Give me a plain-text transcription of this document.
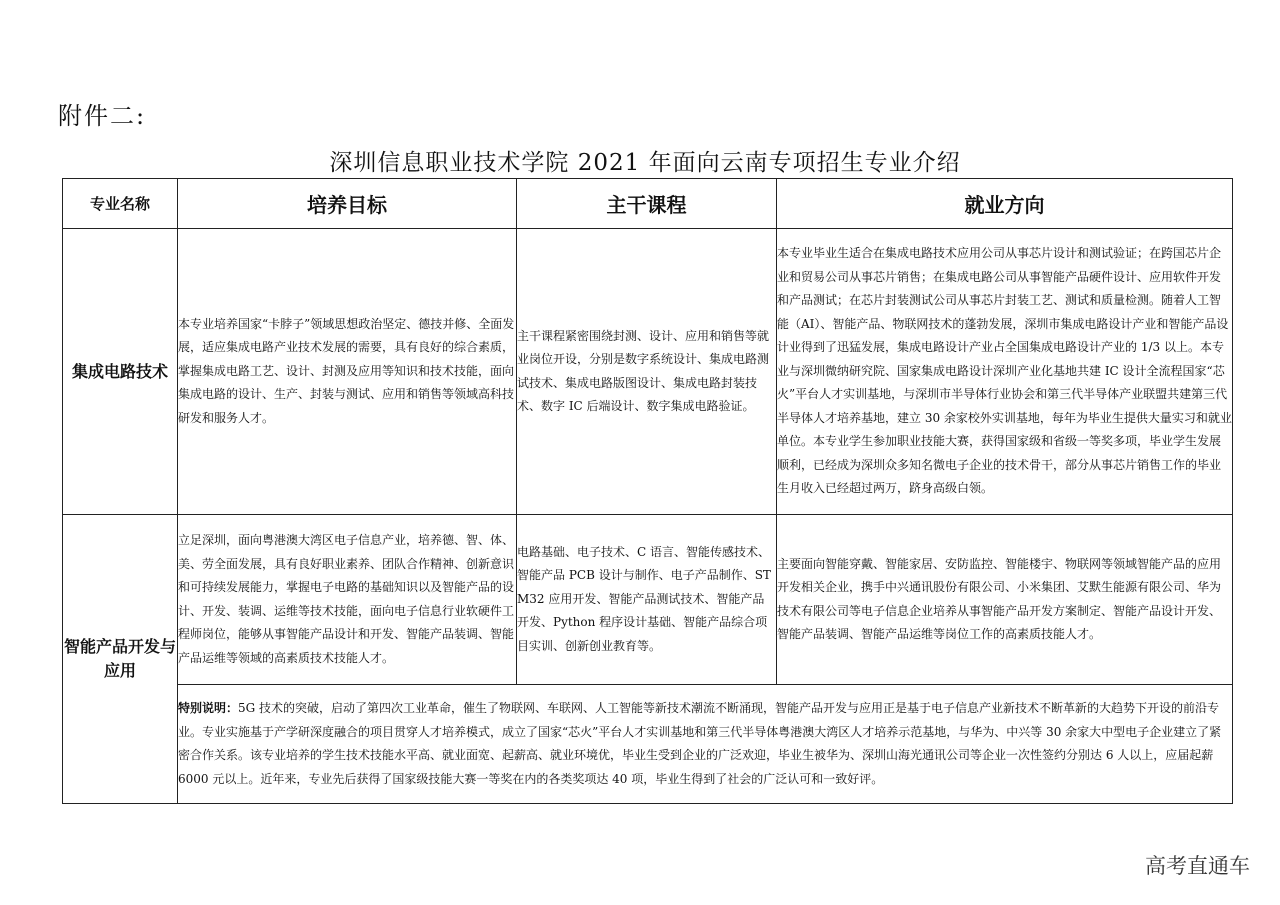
附件二:
深圳信息职业技术学院 2021 年面向云南专项招生专业介绍
专业名称	培养目标	主干课程	就业方向
集成电路技术	本专业培养国家“卡脖子”领域思想政治坚定、德技并修、全面发展，适应集成电路产业技术发展的需要，具有良好的综合素质，掌握集成电路工艺、设计、封测及应用等知识和技术技能，面向集成电路的设计、生产、封装与测试、应用和销售等领域高科技研发和服务人才。	主干课程紧密围绕封测、设计、应用和销售等就业岗位开设，分别是数字系统设计、集成电路测试技术、集成电路版图设计、集成电路封装技术、数字 IC 后端设计、数字集成电路验证。	本专业毕业生适合在集成电路技术应用公司从事芯片设计和测试验证；在跨国芯片企业和贸易公司从事芯片销售；在集成电路公司从事智能产品硬件设计、应用软件开发和产品测试；在芯片封装测试公司从事芯片封装工艺、测试和质量检测。随着人工智能（AI）、智能产品、物联网技术的蓬勃发展，深圳市集成电路设计产业和智能产品设计业得到了迅猛发展，集成电路设计产业占全国集成电路设计产业的 1/3 以上。本专业与深圳微纳研究院、国家集成电路设计深圳产业化基地共建 IC 设计全流程国家“芯火”平台人才实训基地，与深圳市半导体行业协会和第三代半导体产业联盟共建第三代半导体人才培养基地，建立 30 余家校外实训基地，每年为毕业生提供大量实习和就业单位。本专业学生参加职业技能大赛，获得国家级和省级一等奖多项，毕业学生发展顺利，已经成为深圳众多知名微电子企业的技术骨干，部分从事芯片销售工作的毕业生月收入已经超过两万，跻身高级白领。
智能产品开发与应用	立足深圳，面向粤港澳大湾区电子信息产业，培养德、智、体、美、劳全面发展，具有良好职业素养、团队合作精神、创新意识和可持续发展能力，掌握电子电路的基础知识以及智能产品的设计、开发、装调、运维等技术技能，面向电子信息行业软硬件工程师岗位，能够从事智能产品设计和开发、智能产品装调、智能产品运维等领域的高素质技术技能人才。	电路基础、电子技术、C 语言、智能传感技术、智能产品 PCB 设计与制作、电子产品制作、STM32 应用开发、智能产品测试技术、智能产品开发、Python 程序设计基础、智能产品综合项目实训、创新创业教育等。	主要面向智能穿戴、智能家居、安防监控、智能楼宇、物联网等领域智能产品的应用开发相关企业，携手中兴通讯股份有限公司、小米集团、艾默生能源有限公司、华为技术有限公司等电子信息企业培养从事智能产品开发方案制定、智能产品设计开发、智能产品装调、智能产品运维等岗位工作的高素质技能人才。
	特别说明：5G 技术的突破，启动了第四次工业革命，催生了物联网、车联网、人工智能等新技术潮流不断涌现，智能产品开发与应用正是基于电子信息产业新技术不断革新的大趋势下开设的前沿专业。专业实施基于产学研深度融合的项目贯穿人才培养模式，成立了国家“芯火”平台人才实训基地和第三代半导体粤港澳大湾区人才培养示范基地，与华为、中兴等 30 余家大中型电子企业建立了紧密合作关系。该专业培养的学生技术技能水平高、就业面宽、起薪高、就业环境优，毕业生受到企业的广泛欢迎，毕业生被华为、深圳山海光通讯公司等企业一次性签约分别达 6 人以上，应届起薪 6000 元以上。近年来，专业先后获得了国家级技能大赛一等奖在内的各类奖项达 40 项，毕业生得到了社会的广泛认可和一致好评。		
高考直通车
